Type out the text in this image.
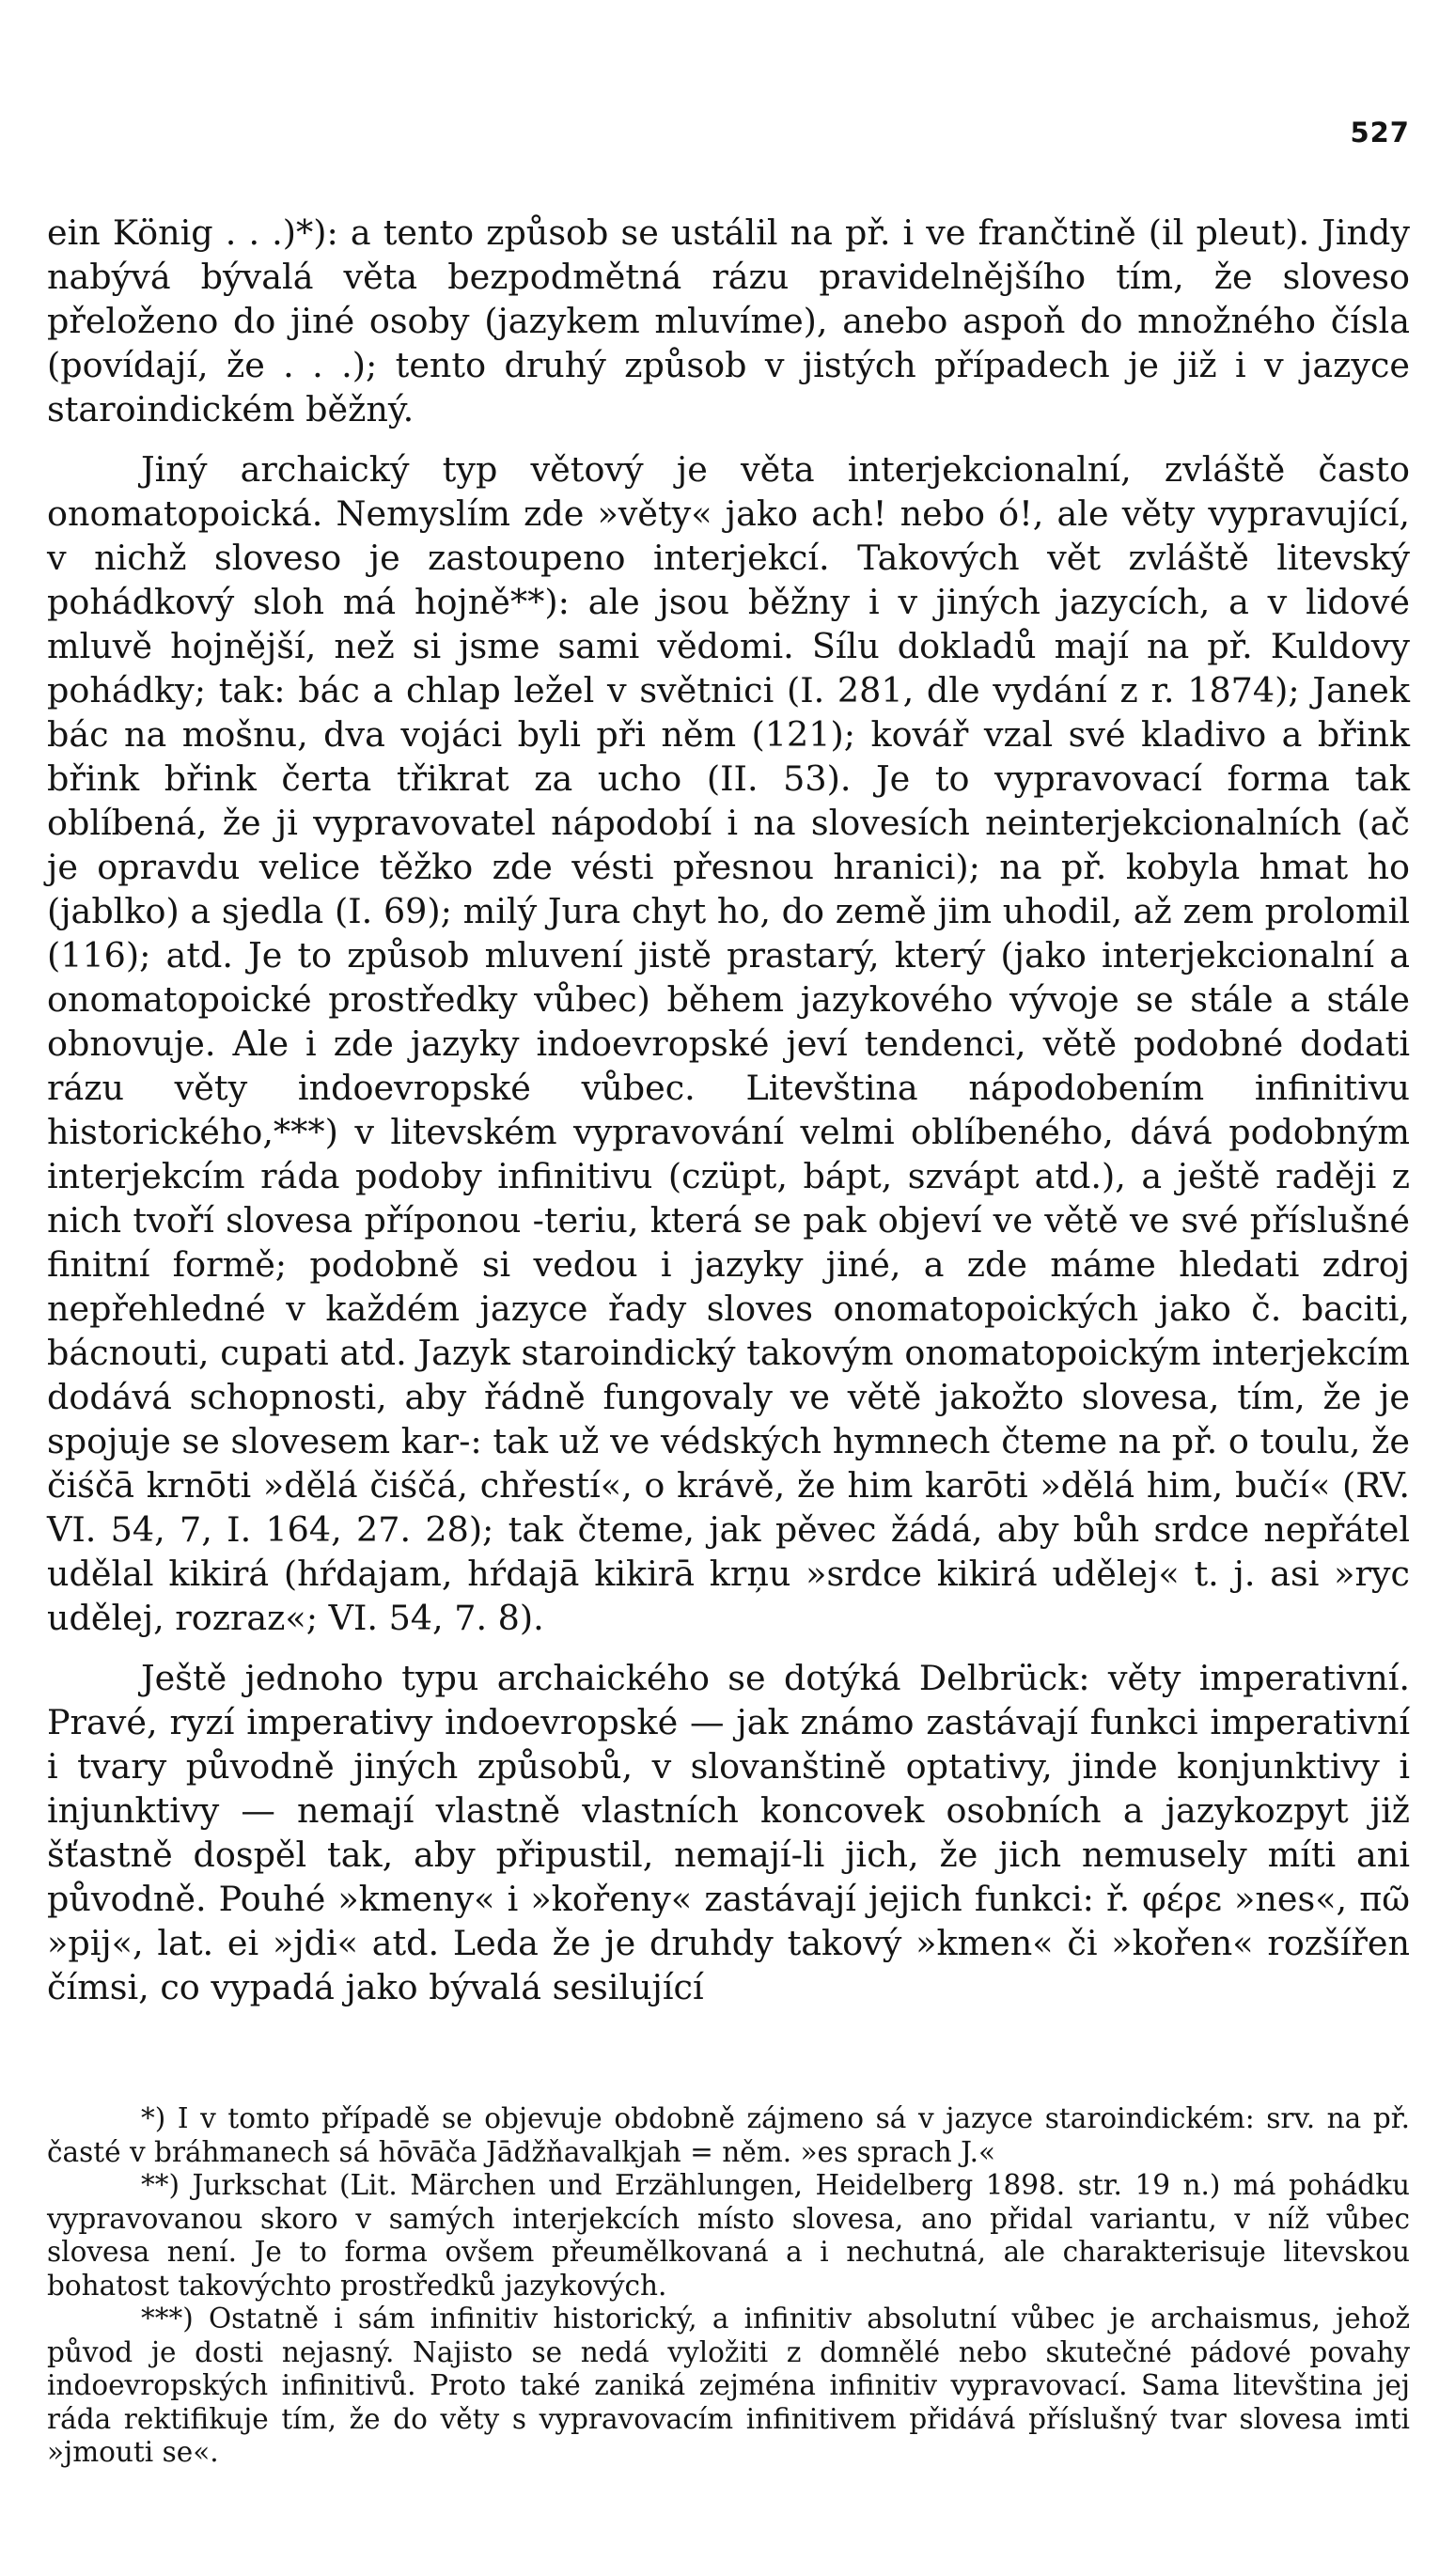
527

ein König . . .)*): a tento způsob se ustálil na př. i ve frančtině (il pleut). Jindy nabývá bývalá věta bezpodmětná rázu pravidelnějšího tím, že sloveso přeloženo do jiné osoby (jazykem mluvíme), anebo aspoň do množného čísla (povídají, že . . .); tento druhý způsob v jistých případech je již i v jazyce staroindickém běžný.

Jiný archaický typ větový je věta interjekcionalní, zvláště často onomatopoická. Nemyslím zde »věty« jako ach! nebo ó!, ale věty vypravující, v nichž sloveso je zastoupeno interjekcí. Takových vět zvláště litevský pohádkový sloh má hojně**): ale jsou běžny i v jiných jazycích, a v lidové mluvě hojnější, než si jsme sami vědomi. Sílu dokladů mají na př. Kuldovy pohádky; tak: bác a chlap ležel v světnici (I. 281, dle vydání z r. 1874); Janek bác na mošnu, dva vojáci byli při něm (121); kovář vzal své kladivo a břink břink břink čerta třikrat za ucho (II. 53). Je to vypravovací forma tak oblíbená, že ji vypravovatel nápodobí i na slovesích neinterjekcionalních (ač je opravdu velice těžko zde vésti přesnou hranici); na př. kobyla hmat ho (jablko) a sjedla (I. 69); milý Jura chyt ho, do země jim uhodil, až zem prolomil (116); atd. Je to způsob mluvení jistě prastarý, který (jako interjekcionalní a onomatopoické prostředky vůbec) během jazykového vývoje se stále a stále obnovuje. Ale i zde jazyky indoevropské jeví tendenci, větě podobné dodati rázu věty indoevropské vůbec. Litevština nápodobením infinitivu historického,***) v litevském vypravování velmi oblíbeného, dává podobným interjekcím ráda podoby infinitivu (czüpt, bápt, szvápt atd.), a ještě raději z nich tvoří slovesa příponou -teriu, která se pak objeví ve větě ve své příslušné finitní formě; podobně si vedou i jazyky jiné, a zde máme hledati zdroj nepřehledné v každém jazyce řady sloves onomatopoických jako č. baciti, bácnouti, cupati atd. Jazyk staroindický takovým onomatopoickým interjekcím dodává schopnosti, aby řádně fungovaly ve větě jakožto slovesa, tím, že je spojuje se slovesem kar-: tak už ve védských hymnech čteme na př. o toulu, že čiśčā krnōti »dělá čiśčá, chřestí«, o krávě, že him karōti »dělá him, bučí« (RV. VI. 54, 7, I. 164, 27. 28); tak čteme, jak pěvec žádá, aby bůh srdce nepřátel udělal kikirá (hŕdajam, hŕdajā kikirā krņu »srdce kikirá udělej« t. j. asi »ryc udělej, rozraz«; VI. 54, 7. 8).

Ještě jednoho typu archaického se dotýká Delbrück: věty imperativní. Pravé, ryzí imperativy indoevropské — jak známo zastávají funkci imperativní i tvary původně jiných způsobů, v slovanštině optativy, jinde konjunktivy i injunktivy — nemají vlastně vlastních koncovek osobních a jazykozpyt již šťastně dospěl tak, aby připustil, nemají-li jich, že jich nemusely míti ani původně. Pouhé »kmeny« i »kořeny« zastávají jejich funkci: ř. φέρε »nes«, πῶ »pij«, lat. ei »jdi« atd. Leda že je druhdy takový »kmen« či »kořen« rozšířen čímsi, co vypadá jako bývalá sesilující

*) I v tomto případě se objevuje obdobně zájmeno sá v jazyce staroindickém: srv. na př. časté v bráhmanech sá hōvāča Jādžňavalkjah = něm. »es sprach J.«

**) Jurkschat (Lit. Märchen und Erzählungen, Heidelberg 1898. str. 19 n.) má pohádku vypravovanou skoro v samých interjekcích místo slovesa, ano přidal variantu, v níž vůbec slovesa není. Je to forma ovšem přeumělkovaná a i nechutná, ale charakterisuje litevskou bohatost takovýchto prostředků jazykových.

***) Ostatně i sám infinitiv historický, a infinitiv absolutní vůbec je archaismus, jehož původ je dosti nejasný. Najisto se nedá vyložiti z domnělé nebo skutečné pádové povahy indoevropských infinitivů. Proto také zaniká zejména infinitiv vypravovací. Sama litevština jej ráda rektifikuje tím, že do věty s vypravovacím infinitivem přidává příslušný tvar slovesa imti »jmouti se«.
